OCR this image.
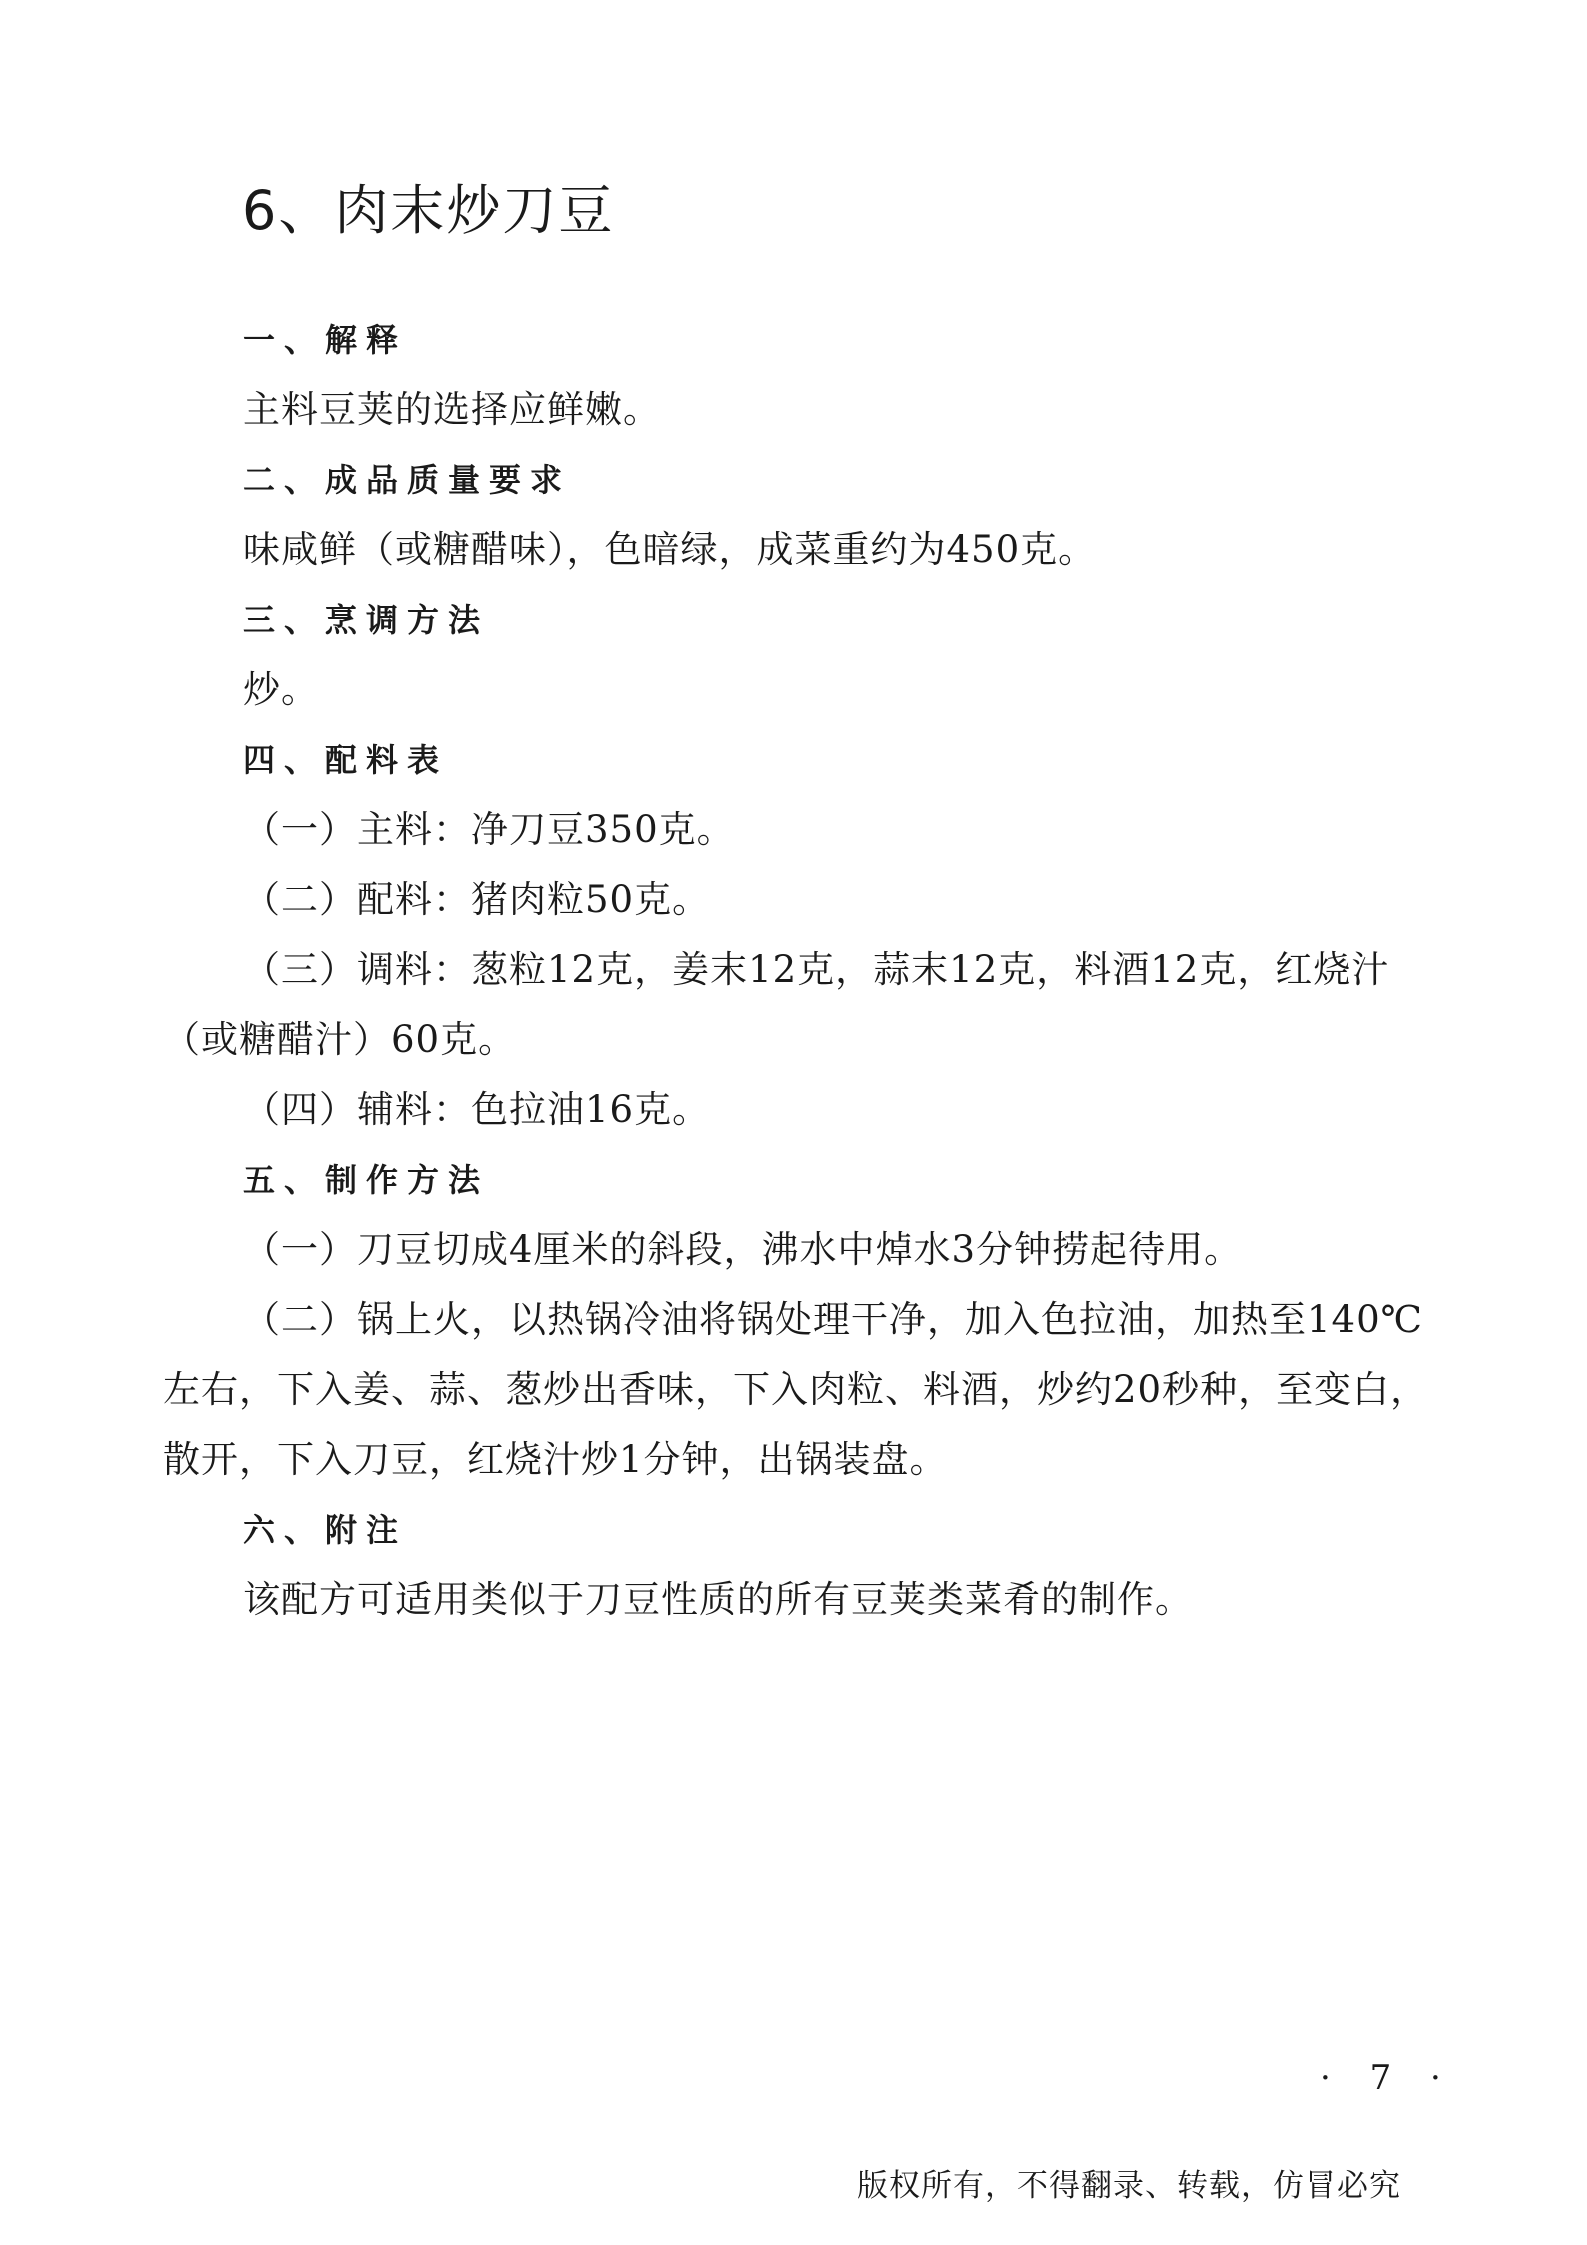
6、肉末炒刀豆
一、解释
主料豆荚的选择应鲜嫩。
二、成品质量要求
味咸鲜（或糖醋味），色暗绿，成菜重约为450克。
三、烹调方法
炒。
四、配料表
（一）主料：净刀豆350克。
（二）配料：猪肉粒50克。
（三）调料：葱粒12克，姜末12克，蒜末12克，料酒12克，红烧汁（或糖醋汁）60克。
（四）辅料：色拉油16克。
五、制作方法
（一）刀豆切成4厘米的斜段，沸水中焯水3分钟捞起待用。
（二）锅上火，以热锅冷油将锅处理干净，加入色拉油，加热至140℃左右，下入姜、蒜、葱炒出香味，下入肉粒、料酒，炒约20秒种，至变白，散开，下入刀豆，红烧汁炒1分钟，出锅装盘。
六、附注
该配方可适用类似于刀豆性质的所有豆荚类菜肴的制作。
· 7 ·
版权所有，不得翻录、转载，仿冒必究
